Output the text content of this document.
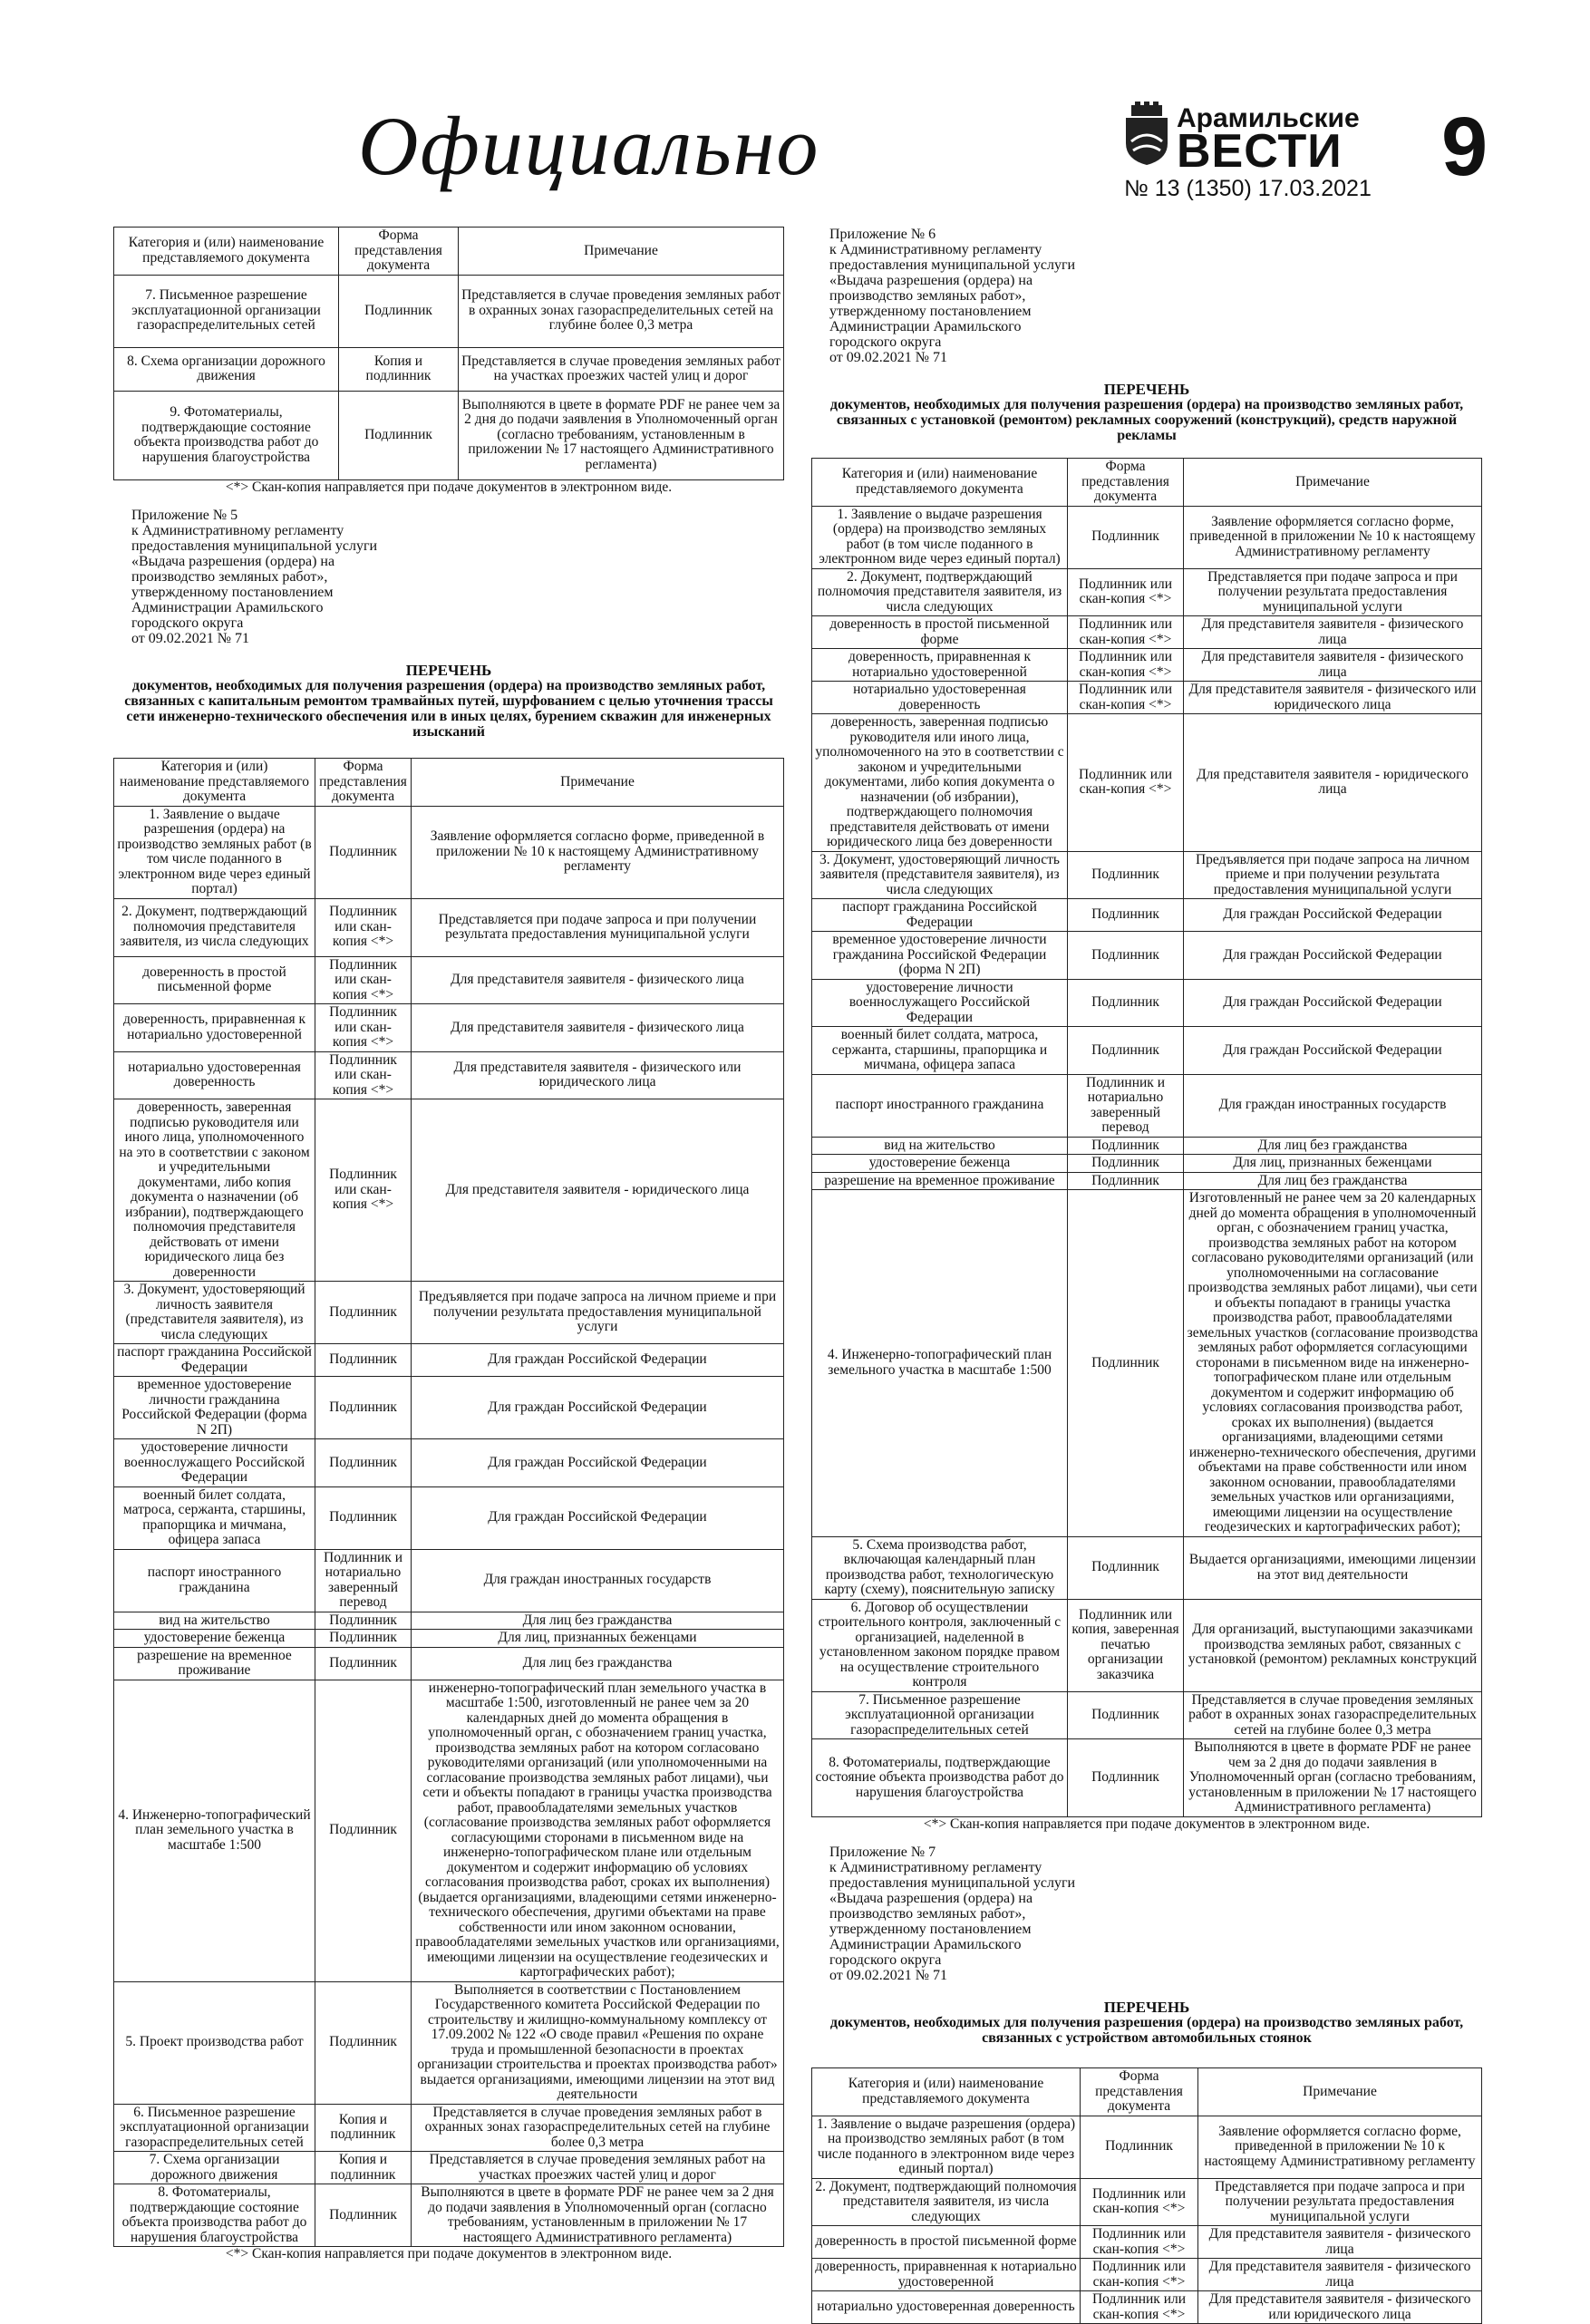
Официально	Арамильские
ВЕСТИ
№ 13 (1350) 17.03.2021 9
Категория и (или) наименование представляемого документа	Форма представления документа	Примечание
7. Письменное разрешение эксплуатационной организации газораспределительных сетей	Подлинник	Представляется в случае проведения земляных работ в охранных зонах газораспределительных сетей на глубине более 0,3 метра
8. Схема организации дорожного движения	Копия и подлинник	Представляется в случае проведения земляных работ на участках проезжих частей улиц и дорог
9. Фотоматериалы, подтверждающие состояние объекта производства работ до нарушения благоустройства	Подлинник	Выполняются в цвете в формате PDF не ранее чем за 2 дня до подачи заявления в Уполномоченный орган (согласно требованиям, установленным в приложении № 17 настоящего Административного регламента)
<*> Скан-копия направляется при подаче документов в электронном виде.
Приложение № 5
к Административному регламенту
предоставления муниципальной услуги
«Выдача разрешения (ордера) на
производство земляных работ»,
утвержденному постановлением
Администрации Арамильского
городского округа
от 09.02.2021 № 71
ПЕРЕЧЕНЬ
документов, необходимых для получения разрешения (ордера) на производство земляных работ, связанных с капитальным ремонтом трамвайных путей, шурфованием с целью уточнения трассы сети инженерно-технического обеспечения или в иных целях, бурением скважин для инженерных изысканий
Категория и (или) наименование представляемого документа	Форма представления документа	Примечание
1. Заявление о выдаче разрешения (ордера) на производство земляных работ (в том числе поданного в электронном виде через единый портал)	Подлинник	Заявление оформляется согласно форме, приведенной в приложении № 10 к настоящему Административному регламенту
2. Документ, подтверждающий полномочия представителя заявителя, из числа следующих	Подлинник или скан-копия <*>	Представляется при подаче запроса и при получении результата предоставления муниципальной услуги
доверенность в простой письменной форме	Подлинник или скан-копия <*>	Для представителя заявителя - физического лица
доверенность, приравненная к нотариально удостоверенной	Подлинник или скан-копия <*>	Для представителя заявителя - физического лица
нотариально удостоверенная доверенность	Подлинник или скан-копия <*>	Для представителя заявителя - физического или юридического лица
доверенность, заверенная подписью руководителя или иного лица, уполномоченного на это в соответствии с законом и учредительными документами, либо копия документа о назначении (об избрании), подтверждающего полномочия представителя действовать от имени юридического лица без доверенности	Подлинник или скан-копия <*>	Для представителя заявителя - юридического лица
3. Документ, удостоверяющий личность заявителя (представителя заявителя), из числа следующих	Подлинник	Предъявляется при подаче запроса на личном приеме и при получении результата предоставления муниципальной услуги
паспорт гражданина Российской Федерации	Подлинник	Для граждан Российской Федерации
временное удостоверение личности гражданина Российской Федерации (форма N 2П)	Подлинник	Для граждан Российской Федерации
удостоверение личности военнослужащего Российской Федерации	Подлинник	Для граждан Российской Федерации
военный билет солдата, матроса, сержанта, старшины, прапорщика и мичмана, офицера запаса	Подлинник	Для граждан Российской Федерации
паспорт иностранного гражданина	Подлинник и нотариально заверенный перевод	Для граждан иностранных государств
вид на жительство	Подлинник	Для лиц без гражданства
удостоверение беженца	Подлинник	Для лиц, признанных беженцами
разрешение на временное проживание	Подлинник	Для лиц без гражданства
4. Инженерно-топографический план земельного участка в масштабе 1:500	Подлинник	инженерно-топографический план земельного участка в масштабе 1:500, изготовленный не ранее чем за 20 календарных дней до момента обращения в уполномоченный орган, с обозначением границ участка, производства земляных работ на котором согласовано руководителями организаций (или уполномоченными на согласование производства земляных работ лицами), чьи сети и объекты попадают в границы участка производства работ, правообладателями земельных участков (согласование производства земляных работ оформляется согласующими сторонами в письменном виде на инженерно-топографическом плане или отдельным документом и содержит информацию об условиях согласования производства работ, сроках их выполнения) (выдается организациями, владеющими сетями инженерно-технического обеспечения, другими объектами на праве собственности или ином законном основании, правообладателями земельных участков или организациями, имеющими лицензии на осуществление геодезических и картографических работ);
5. Проект производства работ	Подлинник	Выполняется в соответствии с Постановлением Государственного комитета Российской Федерации по строительству и жилищно-коммунальному комплексу от 17.09.2002 № 122 «О своде правил «Решения по охране труда и промышленной безопасности в проектах организации строительства и проектах производства работ» выдается организациями, имеющими лицензии на этот вид деятельности
6. Письменное разрешение эксплуатационной организации газораспределительных сетей	Копия и подлинник	Представляется в случае проведения земляных работ в охранных зонах газораспределительных сетей на глубине более 0,3 метра
7. Схема организации дорожного движения	Копия и подлинник	Представляется в случае проведения земляных работ на участках проезжих частей улиц и дорог
8. Фотоматериалы, подтверждающие состояние объекта производства работ до нарушения благоустройства	Подлинник	Выполняются в цвете в формате PDF не ранее чем за 2 дня до подачи заявления в Уполномоченный орган (согласно требованиям, установленным в приложении № 17 настоящего Административного регламента)
<*> Скан-копия направляется при подаче документов в электронном виде.
Приложение № 6
к Административному регламенту
предоставления муниципальной услуги
«Выдача разрешения (ордера) на
производство земляных работ»,
утвержденному постановлением
Администрации Арамильского
городского округа
от 09.02.2021 № 71
ПЕРЕЧЕНЬ
документов, необходимых для получения разрешения (ордера) на производство земляных работ, связанных с установкой (ремонтом) рекламных сооружений (конструкций), средств наружной рекламы
Категория и (или) наименование представляемого документа	Форма представления документа	Примечание
1. Заявление о выдаче разрешения (ордера) на производство земляных работ (в том числе поданного в электронном виде через единый портал)	Подлинник	Заявление оформляется согласно форме, приведенной в приложении № 10 к настоящему Административному регламенту
2. Документ, подтверждающий полномочия представителя заявителя, из числа следующих	Подлинник или скан-копия <*>	Представляется при подаче запроса и при получении результата предоставления муниципальной услуги
доверенность в простой письменной форме	Подлинник или скан-копия <*>	Для представителя заявителя - физического лица
доверенность, приравненная к нотариально удостоверенной	Подлинник или скан-копия <*>	Для представителя заявителя - физического лица
нотариально удостоверенная доверенность	Подлинник или скан-копия <*>	Для представителя заявителя - физического или юридического лица
доверенность, заверенная подписью руководителя или иного лица, уполномоченного на это в соответствии с законом и учредительными документами, либо копия документа о назначении (об избрании), подтверждающего полномочия представителя действовать от имени юридического лица без доверенности	Подлинник или скан-копия <*>	Для представителя заявителя - юридического лица
3. Документ, удостоверяющий личность заявителя (представителя заявителя), из числа следующих	Подлинник	Предъявляется при подаче запроса на личном приеме и при получении результата предоставления муниципальной услуги
паспорт гражданина Российской Федерации	Подлинник	Для граждан Российской Федерации
временное удостоверение личности гражданина Российской Федерации (форма N 2П)	Подлинник	Для граждан Российской Федерации
удостоверение личности военнослужащего Российской Федерации	Подлинник	Для граждан Российской Федерации
военный билет солдата, матроса, сержанта, старшины, прапорщика и мичмана, офицера запаса	Подлинник	Для граждан Российской Федерации
паспорт иностранного гражданина	Подлинник и нотариально заверенный перевод	Для граждан иностранных государств
вид на жительство	Подлинник	Для лиц без гражданства
удостоверение беженца	Подлинник	Для лиц, признанных беженцами
разрешение на временное проживание	Подлинник	Для лиц без гражданства
4. Инженерно-топографический план земельного участка в масштабе 1:500	Подлинник	Изготовленный не ранее чем за 20 календарных дней до момента обращения в уполномоченный орган, с обозначением границ участка, производства земляных работ на котором согласовано руководителями организаций (или уполномоченными на согласование производства земляных работ лицами), чьи сети и объекты попадают в границы участка производства работ, правообладателями земельных участков (согласование производства земляных работ оформляется согласующими сторонами в письменном виде на инженерно-топографическом плане или отдельным документом и содержит информацию об условиях согласования производства работ, сроках их выполнения) (выдается организациями, владеющими сетями инженерно-технического обеспечения, другими объектами на праве собственности или ином законном основании, правообладателями земельных участков или организациями, имеющими лицензии на осуществление геодезических и картографических работ);
5. Схема производства работ, включающая календарный план производства работ, технологическую карту (схему), пояснительную записку	Подлинник	Выдается организациями, имеющими лицензии на этот вид деятельности
6. Договор об осуществлении строительного контроля, заключенный с организацией, наделенной в установленном законом порядке правом на осуществление строительного контроля	Подлинник или копия, заверенная печатью организации заказчика	Для организаций, выступающими заказчиками производства земляных работ, связанных с установкой (ремонтом) рекламных конструкций
7. Письменное разрешение эксплуатационной организации газораспределительных сетей	Подлинник	Представляется в случае проведения земляных работ в охранных зонах газораспределительных сетей на глубине более 0,3 метра
8. Фотоматериалы, подтверждающие состояние объекта производства работ до нарушения благоустройства	Подлинник	Выполняются в цвете в формате PDF не ранее чем за 2 дня до подачи заявления в Уполномоченный орган (согласно требованиям, установленным в приложении № 17 настоящего Административного регламента)
<*> Скан-копия направляется при подаче документов в электронном виде.
Приложение № 7
к Административному регламенту
предоставления муниципальной услуги
«Выдача разрешения (ордера) на
производство земляных работ»,
утвержденному постановлением
Администрации Арамильского
городского округа
от 09.02.2021 № 71
ПЕРЕЧЕНЬ
документов, необходимых для получения разрешения (ордера) на производство земляных работ, связанных с устройством автомобильных стоянок
Категория и (или) наименование представляемого документа	Форма представления документа	Примечание
1. Заявление о выдаче разрешения (ордера) на производство земляных работ (в том числе поданного в электронном виде через единый портал)	Подлинник	Заявление оформляется согласно форме, приведенной в приложении № 10 к настоящему Административному регламенту
2. Документ, подтверждающий полномочия представителя заявителя, из числа следующих	Подлинник или скан-копия <*>	Представляется при подаче запроса и при получении результата предоставления муниципальной услуги
доверенность в простой письменной форме	Подлинник или скан-копия <*>	Для представителя заявителя - физического лица
доверенность, приравненная к нотариально удостоверенной	Подлинник или скан-копия <*>	Для представителя заявителя - физического лица
нотариально удостоверенная доверенность	Подлинник или скан-копия <*>	Для представителя заявителя - физического или юридического лица
